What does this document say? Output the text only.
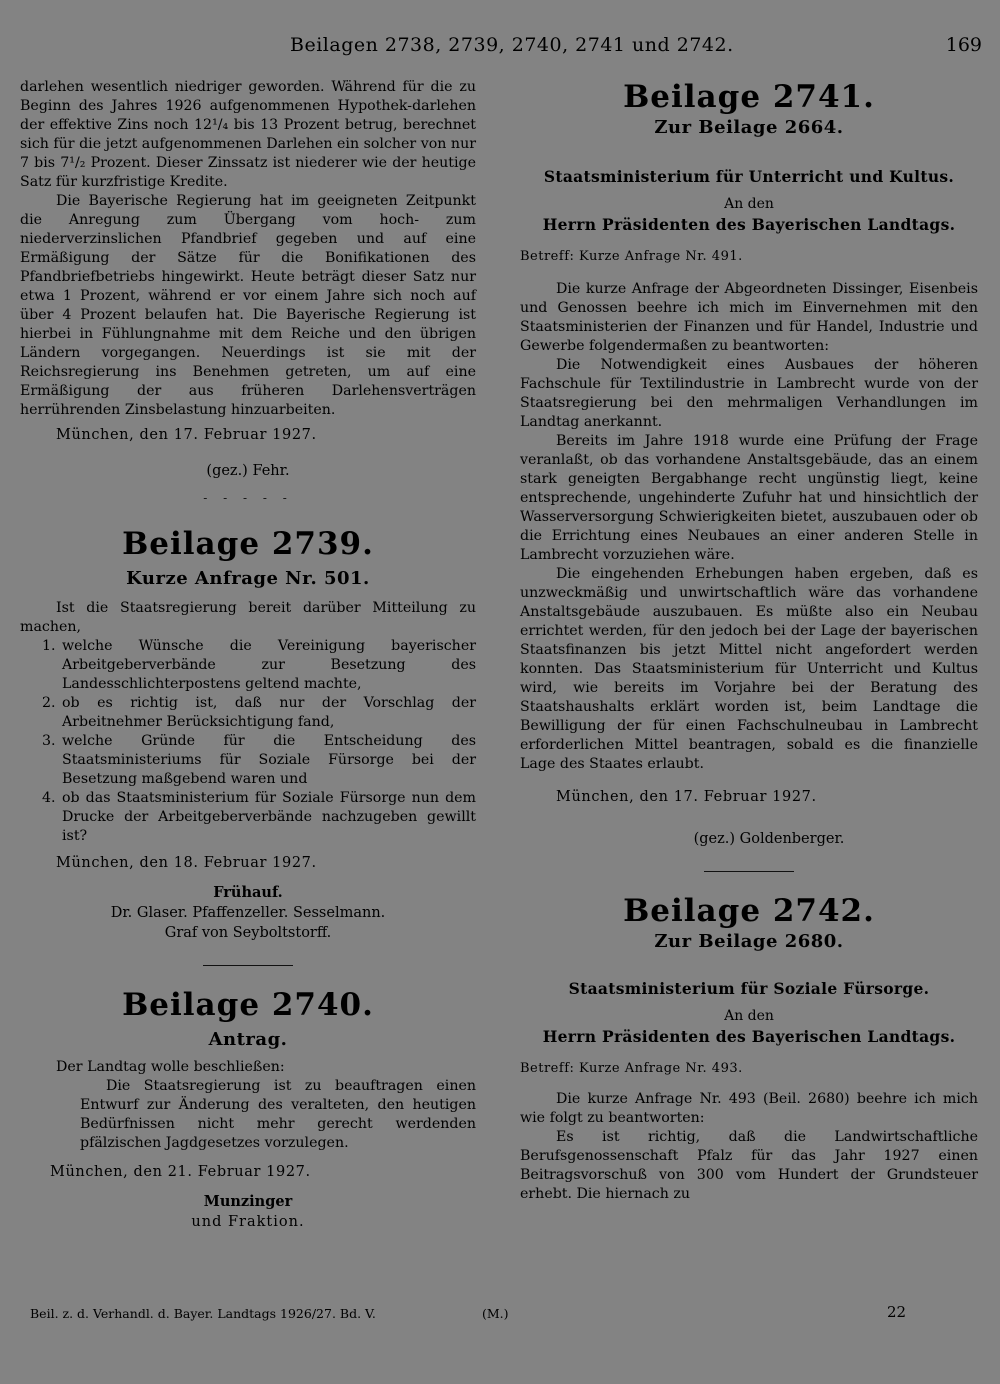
Beilagen 2738, 2739, 2740, 2741 und 2742.	169

darlehen wesentlich niedriger geworden. Während für die zu Beginn des Jahres 1926 aufgenommenen Hypothek-darlehen der effektive Zins noch 12¹/₄ bis 13 Prozent betrug, berechnet sich für die jetzt aufgenommenen Darlehen ein solcher von nur 7 bis 7¹/₂ Prozent. Dieser Zinssatz ist niederer wie der heutige Satz für kurzfristige Kredite.

Die Bayerische Regierung hat im geeigneten Zeitpunkt die Anregung zum Übergang vom hoch- zum niederverzinslichen Pfandbrief gegeben und auf eine Ermäßigung der Sätze für die Bonifikationen des Pfandbriefbetriebs hingewirkt. Heute beträgt dieser Satz nur etwa 1 Prozent, während er vor einem Jahre sich noch auf über 4 Prozent belaufen hat. Die Bayerische Regierung ist hierbei in Fühlungnahme mit dem Reiche und den übrigen Ländern vorgegangen. Neuerdings ist sie mit der Reichsregierung ins Benehmen getreten, um auf eine Ermäßigung der aus früheren Darlehensverträgen herrührenden Zinsbelastung hinzuarbeiten.

München, den 17. Februar 1927.

(gez.) Fehr.

- - - - -

Beilage 2739.
Kurze Anfrage Nr. 501.

Ist die Staatsregierung bereit darüber Mitteilung zu machen,

1. welche Wünsche die Vereinigung bayerischer Arbeitgeberverbände zur Besetzung des Landesschlichterpostens geltend machte,
2. ob es richtig ist, daß nur der Vorschlag der Arbeitnehmer Berücksichtigung fand,
3. welche Gründe für die Entscheidung des Staatsministeriums für Soziale Fürsorge bei der Besetzung maßgebend waren und
4. ob das Staatsministerium für Soziale Fürsorge nun dem Drucke der Arbeitgeberverbände nachzugeben gewillt ist?

München, den 18. Februar 1927.

Frühauf.

Dr. Glaser. Pfaffenzeller. Sesselmann.

Graf von Seyboltstorff.

Beilage 2740.
Antrag.

Der Landtag wolle beschließen:

Die Staatsregierung ist zu beauftragen einen Entwurf zur Änderung des veralteten, den heutigen Bedürfnissen nicht mehr gerecht werdenden pfälzischen Jagdgesetzes vorzulegen.

München, den 21. Februar 1927.

Munzinger

und Fraktion.

Beilage 2741.
Zur Beilage 2664.

Staatsministerium für Unterricht und Kultus.

An den

Herrn Präsidenten des Bayerischen Landtags.

Betreff: Kurze Anfrage Nr. 491.

Die kurze Anfrage der Abgeordneten Dissinger, Eisenbeis und Genossen beehre ich mich im Einvernehmen mit den Staatsministerien der Finanzen und für Handel, Industrie und Gewerbe folgendermaßen zu beantworten:

Die Notwendigkeit eines Ausbaues der höheren Fachschule für Textilindustrie in Lambrecht wurde von der Staatsregierung bei den mehrmaligen Verhandlungen im Landtag anerkannt.

Bereits im Jahre 1918 wurde eine Prüfung der Frage veranlaßt, ob das vorhandene Anstaltsgebäude, das an einem stark geneigten Bergabhange recht ungünstig liegt, keine entsprechende, ungehinderte Zufuhr hat und hinsichtlich der Wasserversorgung Schwierigkeiten bietet, auszubauen oder ob die Errichtung eines Neubaues an einer anderen Stelle in Lambrecht vorzuziehen wäre.

Die eingehenden Erhebungen haben ergeben, daß es unzweckmäßig und unwirtschaftlich wäre das vorhandene Anstaltsgebäude auszubauen. Es müßte also ein Neubau errichtet werden, für den jedoch bei der Lage der bayerischen Staatsfinanzen bis jetzt Mittel nicht angefordert werden konnten. Das Staatsministerium für Unterricht und Kultus wird, wie bereits im Vorjahre bei der Beratung des Staatshaushalts erklärt worden ist, beim Landtage die Bewilligung der für einen Fachschulneubau in Lambrecht erforderlichen Mittel beantragen, sobald es die finanzielle Lage des Staates erlaubt.

München, den 17. Februar 1927.

(gez.) Goldenberger.

Beilage 2742.
Zur Beilage 2680.

Staatsministerium für Soziale Fürsorge.

An den

Herrn Präsidenten des Bayerischen Landtags.

Betreff: Kurze Anfrage Nr. 493.

Die kurze Anfrage Nr. 493 (Beil. 2680) beehre ich mich wie folgt zu beantworten:

Es ist richtig, daß die Landwirtschaftliche Berufsgenossenschaft Pfalz für das Jahr 1927 einen Beitragsvorschuß von 300 vom Hundert der Grundsteuer erhebt. Die hiernach zu

Beil. z. d. Verhandl. d. Bayer. Landtags 1926/27. Bd. V.	(M.)	22
